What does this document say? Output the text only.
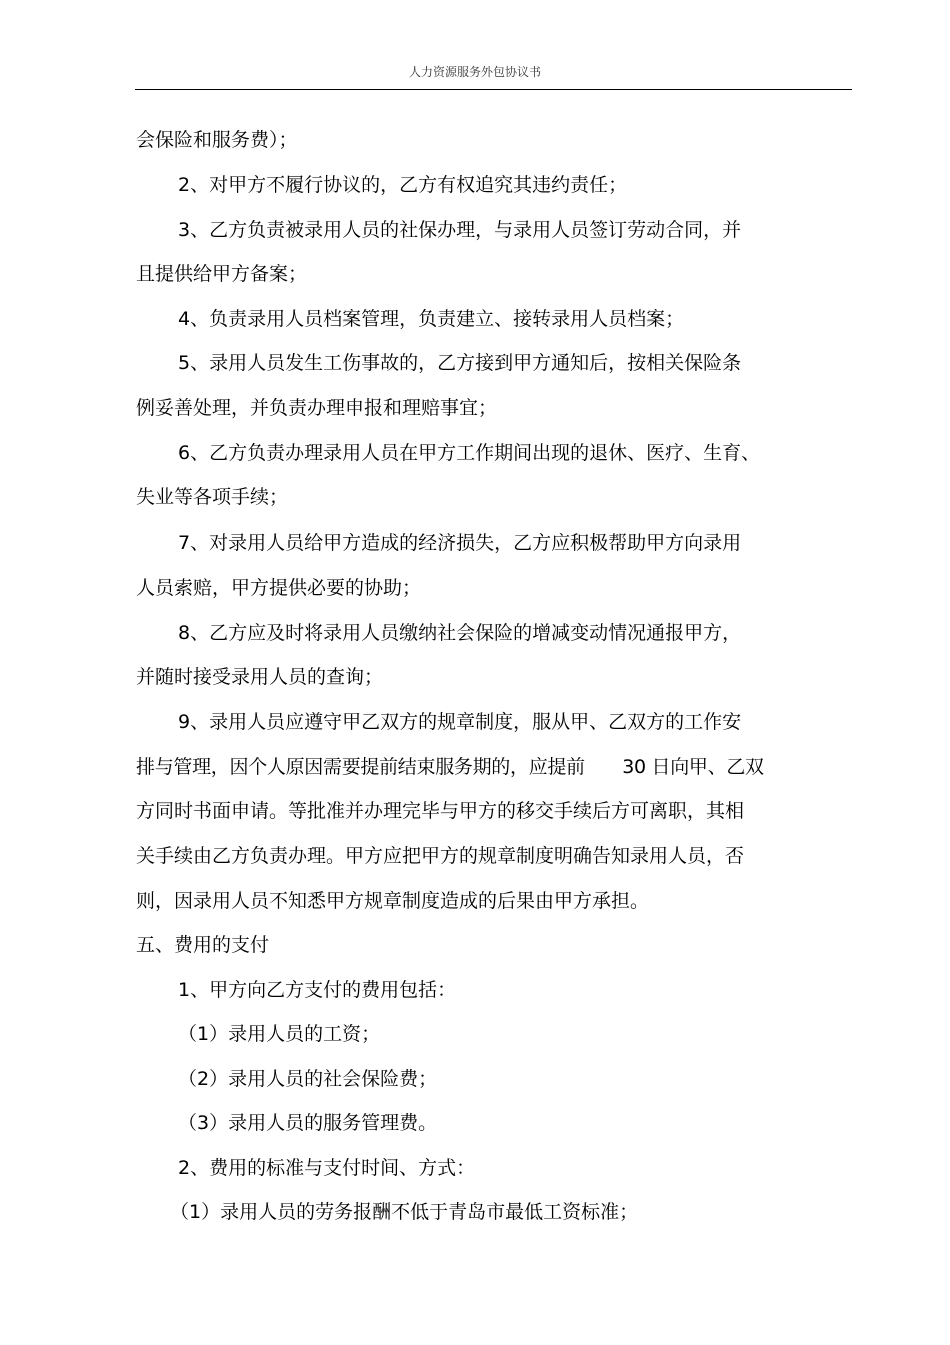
人力资源服务外包协议书
会保险和服务费）；
2、对甲方不履行协议的，乙方有权追究其违约责任；
3、乙方负责被录用人员的社保办理，与录用人员签订劳动合同，并
且提供给甲方备案；
4、负责录用人员档案管理，负责建立、接转录用人员档案；
5、录用人员发生工伤事故的，乙方接到甲方通知后，按相关保险条
例妥善处理，并负责办理申报和理赔事宜；
6、乙方负责办理录用人员在甲方工作期间出现的退休、医疗、生育、
失业等各项手续；
7、对录用人员给甲方造成的经济损失，乙方应积极帮助甲方向录用
人员索赔，甲方提供必要的协助；
8、乙方应及时将录用人员缴纳社会保险的增减变动情况通报甲方，
并随时接受录用人员的查询；
9、录用人员应遵守甲乙双方的规章制度，服从甲、乙双方的工作安
排与管理，因个人原因需要提前结束服务期的，应提前　　30 日向甲、乙双
方同时书面申请。等批准并办理完毕与甲方的移交手续后方可离职，其相
关手续由乙方负责办理。甲方应把甲方的规章制度明确告知录用人员，否
则，因录用人员不知悉甲方规章制度造成的后果由甲方承担。
五、费用的支付
1、甲方向乙方支付的费用包括：
（1）录用人员的工资；
（2）录用人员的社会保险费；
（3）录用人员的服务管理费。
2、费用的标准与支付时间、方式：
（1）录用人员的劳务报酬不低于青岛市最低工资标准；
